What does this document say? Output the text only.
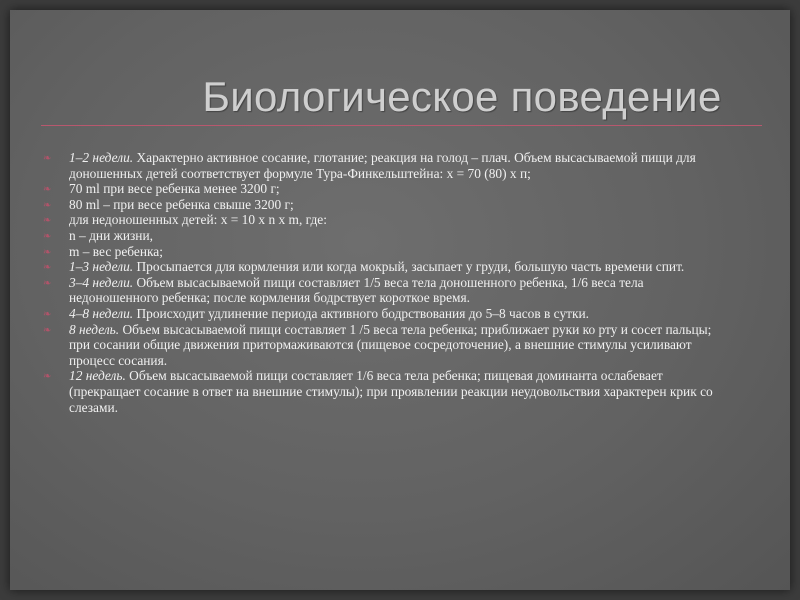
Биологическое поведение

❧ 1–2 недели. Характерно активное сосание, глотание; реакция на голод – плач. Объем высасываемой пищи для доношенных детей соответствует формуле Тура-Финкельштейна: х = 70 (80) х п;

❧ 70 ml при весе ребенка менее 3200 г;

❧ 80 ml – при весе ребенка свыше 3200 г;

❧ для недоношенных детей: х = 10 х n х m, где:

❧ n – дни жизни,

❧ m – вес ребенка;

❧ 1–3 недели. Просыпается для кормления или когда мокрый, засыпает у груди, большую часть времени спит.

❧ 3–4 недели. Объем высасываемой пищи составляет 1/5 веса тела доношенного ребенка, 1/6 веса тела недоношенного ребенка; после кормления бодрствует короткое время.

❧ 4–8 недели. Происходит удлинение периода активного бодрствования до 5–8 часов в сутки.

❧ 8 недель. Объем высасываемой пищи составляет 1 /5 веса тела ребенка; приближает руки ко рту и сосет пальцы; при сосании общие движения притормаживаются (пищевое сосредоточение), а внешние стимулы усиливают процесс сосания.

❧ 12 недель. Объем высасываемой пищи составляет 1/6 веса тела ребенка; пищевая доминанта ослабевает (прекращает сосание в ответ на внешние стимулы); при проявлении реакции неудовольствия характерен крик со слезами.
